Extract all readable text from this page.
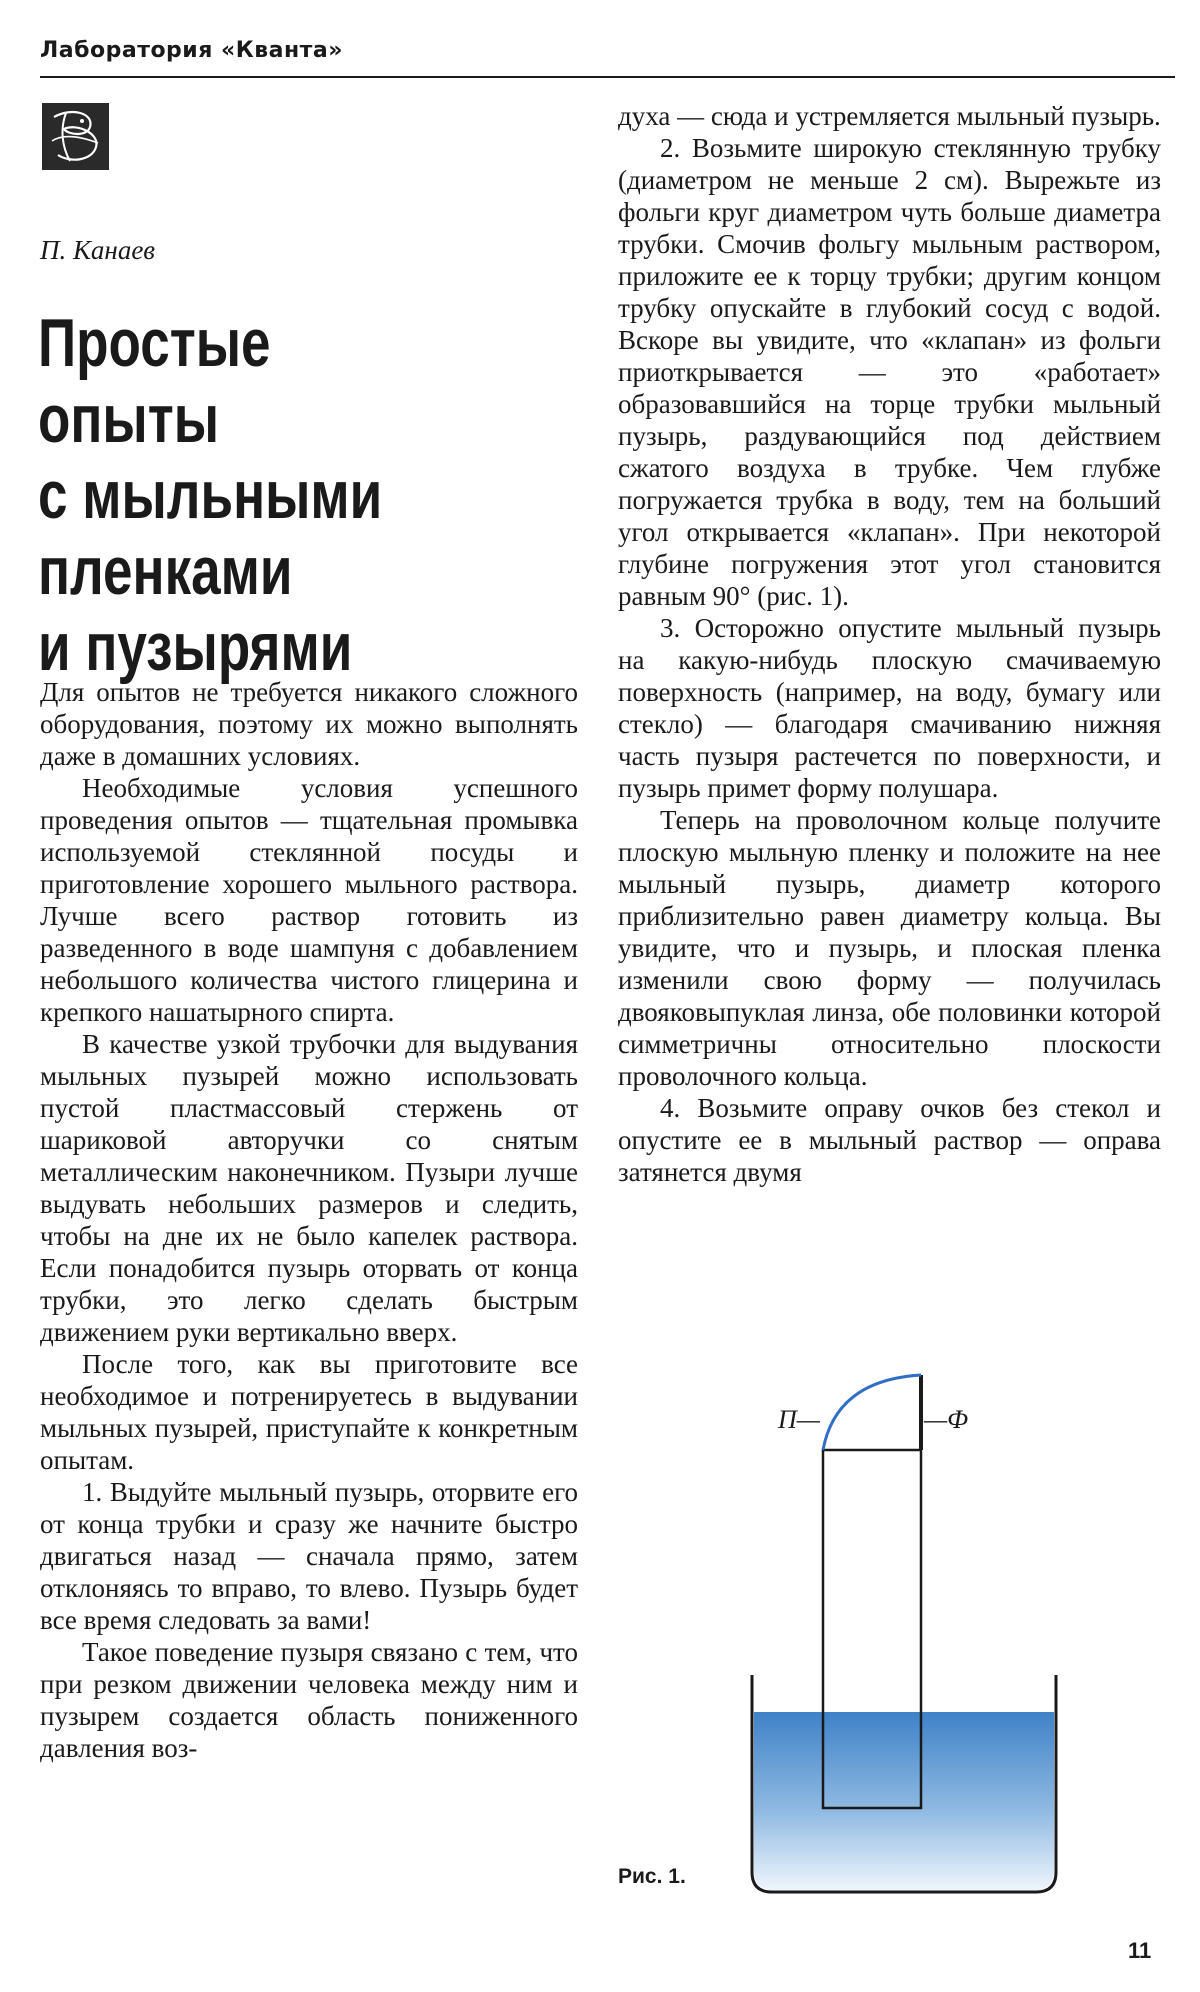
Лаборатория «Кванта»
П. Канаев
Простые опыты
с мыльными
пленками
и пузырями

Для опытов не требуется никакого сложного оборудования, поэтому их можно выполнять даже в домашних условиях.

Необходимые условия успешного проведения опытов — тщательная промывка используемой стеклянной посуды и приготовление хорошего мыльного раствора. Лучше всего раствор готовить из разведенного в воде шампуня с добавлением небольшого количества чистого глицерина и крепкого нашатырного спирта.

В качестве узкой трубочки для выдувания мыльных пузырей можно использовать пустой пластмассовый стержень от шариковой авторучки со снятым металлическим наконечником. Пузыри лучше выдувать небольших размеров и следить, чтобы на дне их не было капелек раствора. Если понадобится пузырь оторвать от конца трубки, это легко сделать быстрым движением руки вертикально вверх.

После того, как вы приготовите все необходимое и потренируетесь в выдувании мыльных пузырей, приступайте к конкретным опытам.

1. Выдуйте мыльный пузырь, оторвите его от конца трубки и сразу же начните быстро двигаться назад — сначала прямо, затем отклоняясь то вправо, то влево. Пузырь будет все время следовать за вами!

Такое поведение пузыря связано с тем, что при резком движении человека между ним и пузырем создается область пониженного давления воз-

духа — сюда и устремляется мыльный пузырь.

2. Возьмите широкую стеклянную трубку (диаметром не меньше 2 см). Вырежьте из фольги круг диаметром чуть больше диаметра трубки. Смочив фольгу мыльным раствором, приложите ее к торцу трубки; другим концом трубку опускайте в глубокий сосуд с водой. Вскоре вы увидите, что «клапан» из фольги приоткрывается — это «работает» образовавшийся на торце трубки мыльный пузырь, раздувающийся под действием сжатого воздуха в трубке. Чем глубже погружается трубка в воду, тем на больший угол открывается «клапан». При некоторой глубине погружения этот угол становится равным 90° (рис. 1).

3. Осторожно опустите мыльный пузырь на какую-нибудь плоскую смачиваемую поверхность (например, на воду, бумагу или стекло) — благодаря смачиванию нижняя часть пузыря растечется по поверхности, и пузырь примет форму полушара.

Теперь на проволочном кольце получите плоскую мыльную пленку и положите на нее мыльный пузырь, диаметр которого приблизительно равен диаметру кольца. Вы увидите, что и пузырь, и плоская пленка изменили свою форму — получилась двояковыпуклая линза, обе половинки которой симметричны относительно плоскости проволочного кольца.

4. Возьмите оправу очков без стекол и опустите ее в мыльный раствор — оправа затянется двумя

П—	—Ф
Рис. 1.
11
